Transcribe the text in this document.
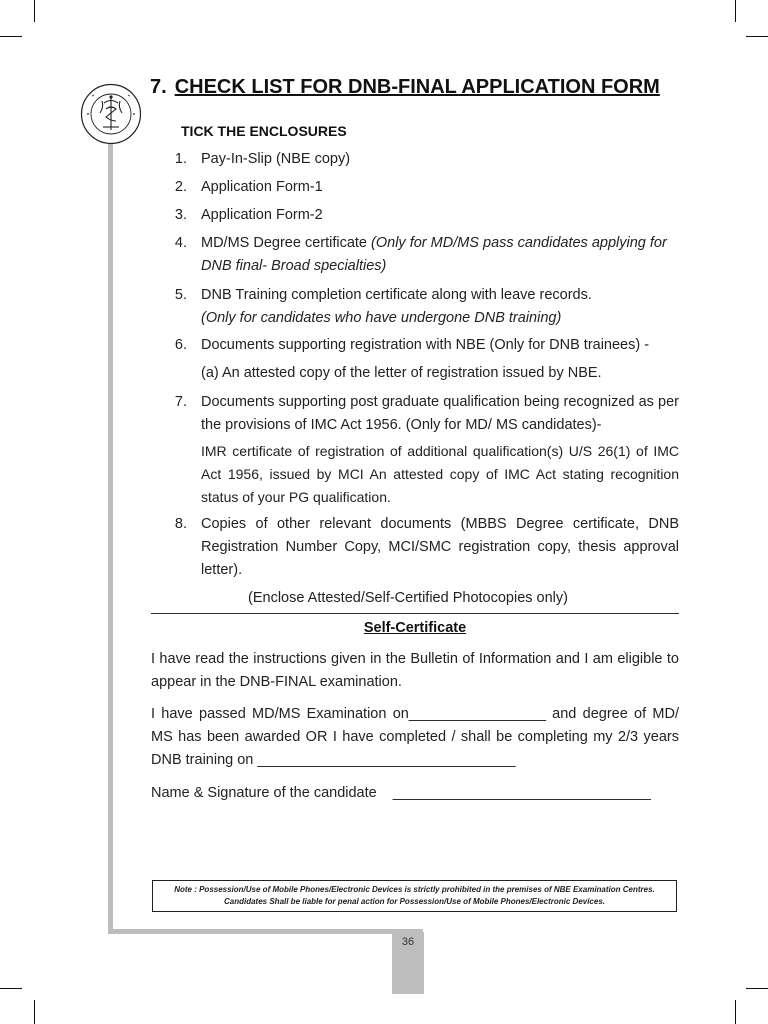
36
7. CHECK LIST FOR DNB-FINAL APPLICATION FORM
TICK THE ENCLOSURES
1. Pay-In-Slip (NBE copy)
2. Application Form-1
3. Application Form-2
4. MD/MS Degree certificate (Only for MD/MS pass candidates applying for DNB final- Broad specialties)
5. DNB Training completion certificate along with leave records.
(Only for candidates who have undergone DNB training)
6. Documents supporting registration with NBE (Only for DNB trainees) -
(a) An attested copy of the letter of registration issued by NBE.
7. Documents supporting post graduate qualification being recognized as per the provisions of IMC Act 1956. (Only for MD/ MS candidates)-
IMR certificate of registration of additional qualification(s) U/S 26(1) of IMC Act 1956, issued by MCI An attested copy of IMC Act stating recognition status of your PG qualification.
8. Copies of other relevant documents (MBBS Degree certificate, DNB Registration Number Copy, MCI/SMC registration copy, thesis approval letter).
(Enclose Attested/Self-Certified Photocopies only)
Self-Certificate
I have read the instructions given in the Bulletin of Information and I am eligible to appear in the DNB-FINAL examination.
I have passed MD/MS Examination on_________________ and degree of MD/ MS has been awarded OR I have completed / shall be completing my 2/3 years DNB training on ________________________________
Name & Signature of the candidate    ________________________________
Note : Possession/Use of Mobile Phones/Electronic Devices is strictly prohibited in the premises of NBE Examination Centres.
Candidates Shall be liable for penal action for Possession/Use of Mobile Phones/Electronic Devices.
